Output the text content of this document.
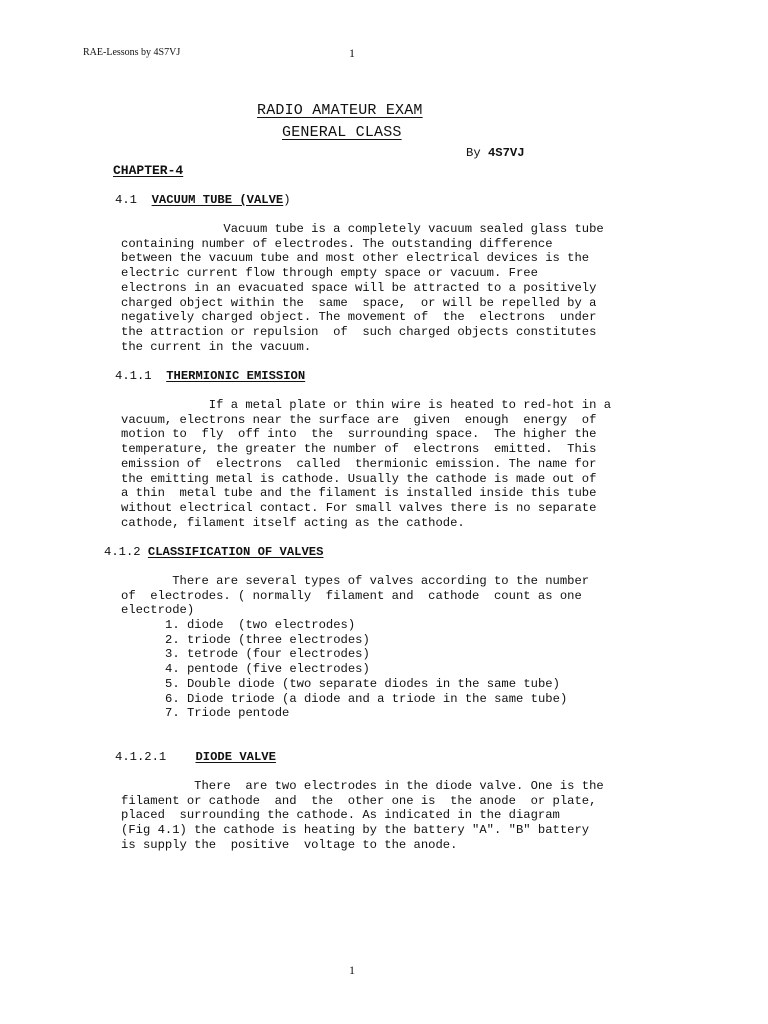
RAE-Lessons by 4S7VJ	1
RADIO AMATEUR EXAM
GENERAL CLASS
By 4S7VJ
CHAPTER-4
4.1 VACUUM TUBE (VALVE)
Vacuum tube is a completely vacuum sealed glass tube
containing number of electrodes. The outstanding difference
between the vacuum tube and most other electrical devices is the
electric current flow through empty space or vacuum. Free
electrons in an evacuated space will be attracted to a positively
charged object within the  same  space,  or will be repelled by a
negatively charged object. The movement of  the  electrons  under
the attraction or repulsion  of  such charged objects constitutes
the current in the vacuum.
4.1.1 THERMIONIC EMISSION
If a metal plate or thin wire is heated to red-hot in a
vacuum, electrons near the surface are  given  enough  energy  of
motion to  fly  off into  the  surrounding space.  The higher the
temperature, the greater the number of  electrons  emitted.  This
emission of  electrons  called  thermionic emission. The name for
the emitting metal is cathode. Usually the cathode is made out of
a thin  metal tube and the filament is installed inside this tube
without electrical contact. For small valves there is no separate
cathode, filament itself acting as the cathode.
4.1.2 CLASSIFICATION OF VALVES
There are several types of valves according to the number
of  electrodes. ( normally  filament and  cathode  count as one
electrode)
1. diode  (two electrodes)
2. triode (three electrodes)
3. tetrode (four electrodes)
4. pentode (five electrodes)
5. Double diode (two separate diodes in the same tube)
6. Diode triode (a diode and a triode in the same tube)
7. Triode pentode
4.1.2.1 DIODE VALVE
There  are two electrodes in the diode valve. One is the
filament or cathode  and  the  other one is  the anode  or plate,
placed  surrounding the cathode. As indicated in the diagram
(Fig 4.1) the cathode is heating by the battery "A". "B" battery
is supply the  positive  voltage to the anode.
1
